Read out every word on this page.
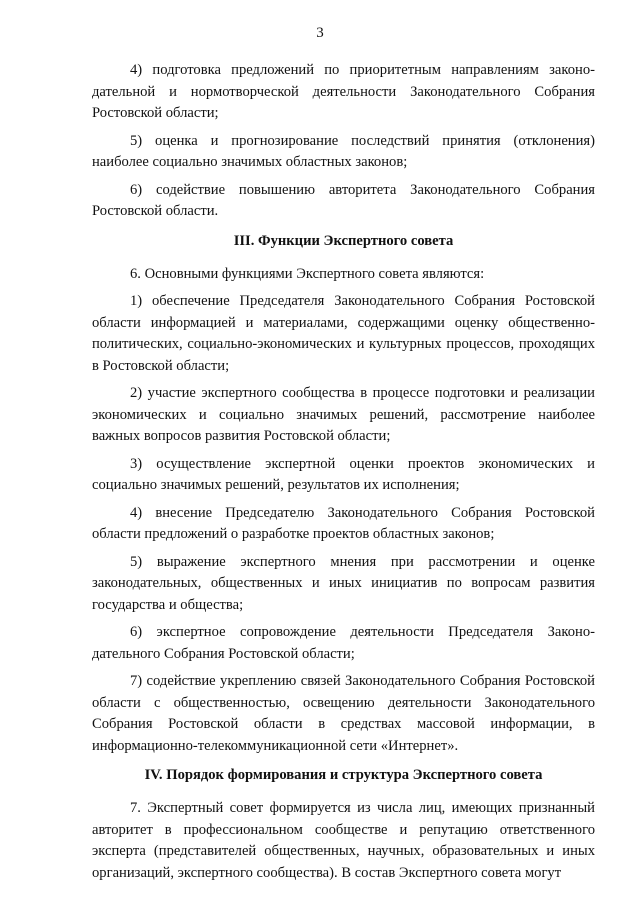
3

4) подготовка предложений по приоритетным направлениям законодательной и нормотворческой деятельности Законодательного Собрания Ростовской области;

5) оценка и прогнозирование последствий принятия (отклонения) наиболее социально значимых областных законов;

6) содействие повышению авторитета Законодательного Собрания Ростовской области.

III. Функции Экспертного совета

6. Основными функциями Экспертного совета являются:

1) обеспечение Председателя Законодательного Собрания Ростовской области информацией и материалами, содержащими оценку общественно-политических, социально-экономических и культурных процессов, проходящих в Ростовской области;

2) участие экспертного сообщества в процессе подготовки и реализации экономических и социально значимых решений, рассмотрение наиболее важных вопросов развития Ростовской области;

3) осуществление экспертной оценки проектов экономических и социально значимых решений, результатов их исполнения;

4) внесение Председателю Законодательного Собрания Ростовской области предложений о разработке проектов областных законов;

5) выражение экспертного мнения при рассмотрении и оценке законодательных, общественных и иных инициатив по вопросам развития государства и общества;

6) экспертное сопровождение деятельности Председателя Законодательного Собрания Ростовской области;

7) содействие укреплению связей Законодательного Собрания Ростовской области с общественностью, освещению деятельности Законодательного Собрания Ростовской области в средствах массовой информации, в информационно-телекоммуникационной сети «Интернет».

IV. Порядок формирования и структура Экспертного совета

7. Экспертный совет формируется из числа лиц, имеющих признанный авторитет в профессиональном сообществе и репутацию ответственного эксперта (представителей общественных, научных, образовательных и иных организаций, экспертного сообщества). В состав Экспертного совета могут
